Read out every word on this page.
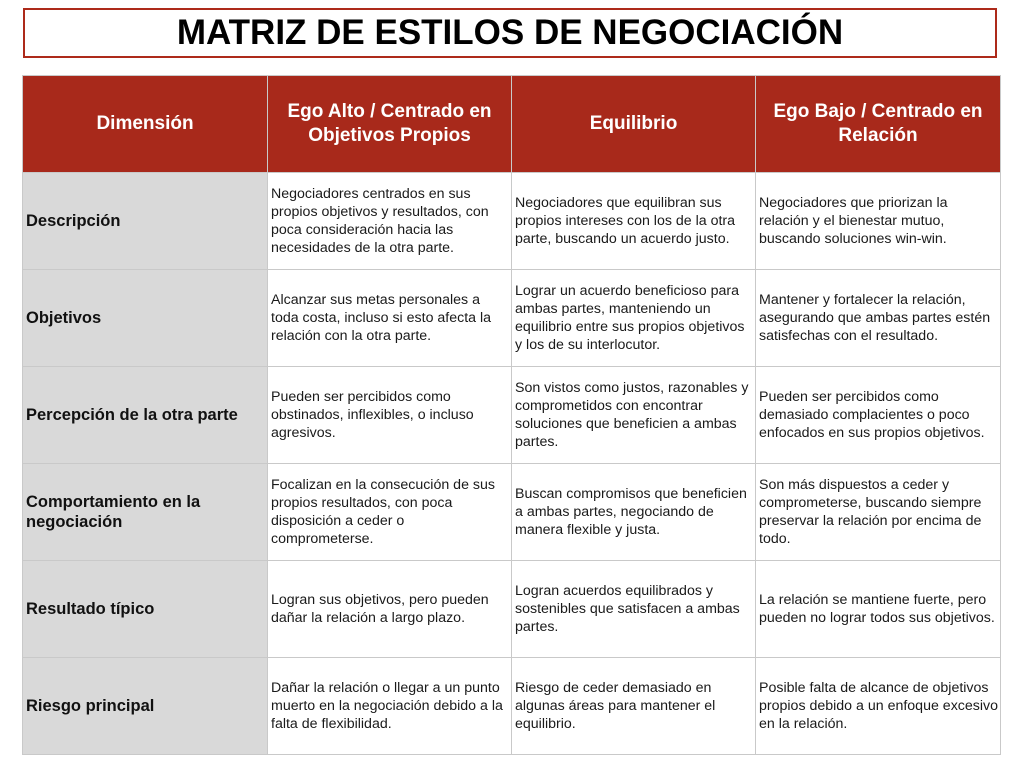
MATRIZ DE ESTILOS DE NEGOCIACIÓN
Dimensión	Ego Alto / Centrado en Objetivos Propios	Equilibrio	Ego Bajo / Centrado en Relación
Descripción	Negociadores centrados en sus propios objetivos y resultados, con poca consideración hacia las necesidades de la otra parte.	Negociadores que equilibran sus propios intereses con los de la otra parte, buscando un acuerdo justo.	Negociadores que priorizan la relación y el bienestar mutuo, buscando soluciones win-win.
Objetivos	Alcanzar sus metas personales a toda costa, incluso si esto afecta la relación con la otra parte.	Lograr un acuerdo beneficioso para ambas partes, manteniendo un equilibrio entre sus propios objetivos y los de su interlocutor.	Mantener y fortalecer la relación, asegurando que ambas partes estén satisfechas con el resultado.
Percepción de la otra parte	Pueden ser percibidos como obstinados, inflexibles, o incluso agresivos.	Son vistos como justos, razonables y comprometidos con encontrar soluciones que beneficien a ambas partes.	Pueden ser percibidos como demasiado complacientes o poco enfocados en sus propios objetivos.
Comportamiento en la negociación	Focalizan en la consecución de sus propios resultados, con poca disposición a ceder o comprometerse.	Buscan compromisos que beneficien a ambas partes, negociando de manera flexible y justa.	Son más dispuestos a ceder y comprometerse, buscando siempre preservar la relación por encima de todo.
Resultado típico	Logran sus objetivos, pero pueden dañar la relación a largo plazo.	Logran acuerdos equilibrados y sostenibles que satisfacen a ambas partes.	La relación se mantiene fuerte, pero pueden no lograr todos sus objetivos.
Riesgo principal	Dañar la relación o llegar a un punto muerto en la negociación debido a la falta de flexibilidad.	Riesgo de ceder demasiado en algunas áreas para mantener el equilibrio.	Posible falta de alcance de objetivos propios debido a un enfoque excesivo en la relación.
